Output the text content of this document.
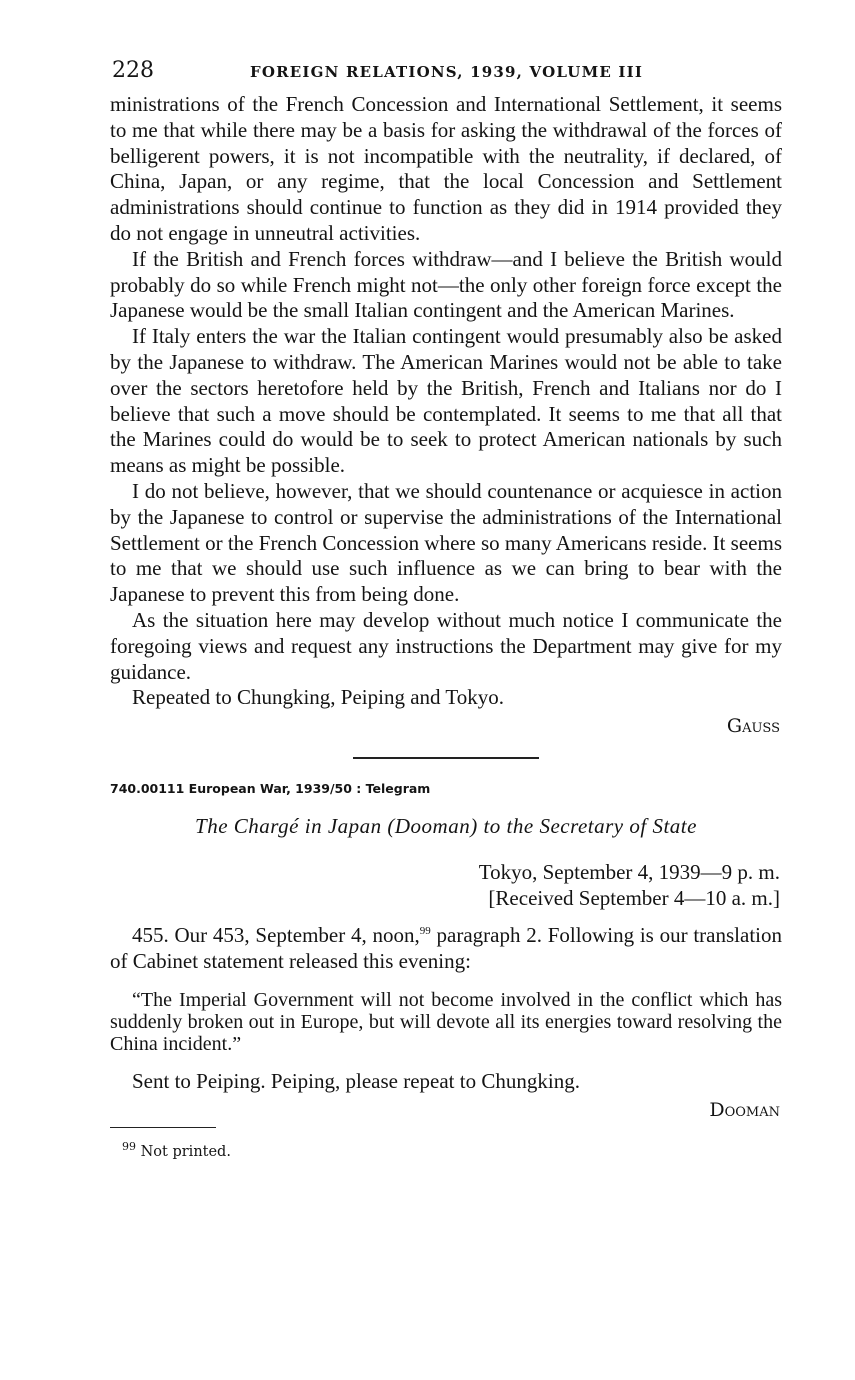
228	FOREIGN RELATIONS, 1939, VOLUME III

ministrations of the French Concession and International Settlement, it seems to me that while there may be a basis for asking the withdrawal of the forces of belligerent powers, it is not incompatible with the neutrality, if declared, of China, Japan, or any regime, that the local Concession and Settlement administrations should continue to function as they did in 1914 provided they do not engage in unneutral activities.

If the British and French forces withdraw—and I believe the British would probably do so while French might not—the only other foreign force except the Japanese would be the small Italian contingent and the American Marines.

If Italy enters the war the Italian contingent would presumably also be asked by the Japanese to withdraw. The American Marines would not be able to take over the sectors heretofore held by the British, French and Italians nor do I believe that such a move should be contemplated. It seems to me that all that the Marines could do would be to seek to protect American nationals by such means as might be possible.

I do not believe, however, that we should countenance or acquiesce in action by the Japanese to control or supervise the administrations of the International Settlement or the French Concession where so many Americans reside. It seems to me that we should use such influence as we can bring to bear with the Japanese to prevent this from being done.

As the situation here may develop without much notice I communicate the foregoing views and request any instructions the Department may give for my guidance.

Repeated to Chungking, Peiping and Tokyo.

Gauss

740.00111 European War, 1939/50 : Telegram

The Chargé in Japan (Dooman) to the Secretary of State

Tokyo, September 4, 1939—9 p. m.
[Received September 4—10 a. m.]

455. Our 453, September 4, noon,$^{99}$ paragraph 2. Following is our translation of Cabinet statement released this evening:

“The Imperial Government will not become involved in the conflict which has suddenly broken out in Europe, but will devote all its energies toward resolving the China incident.”

Sent to Peiping. Peiping, please repeat to Chungking.

Dooman

$^{99}$ Not printed.
